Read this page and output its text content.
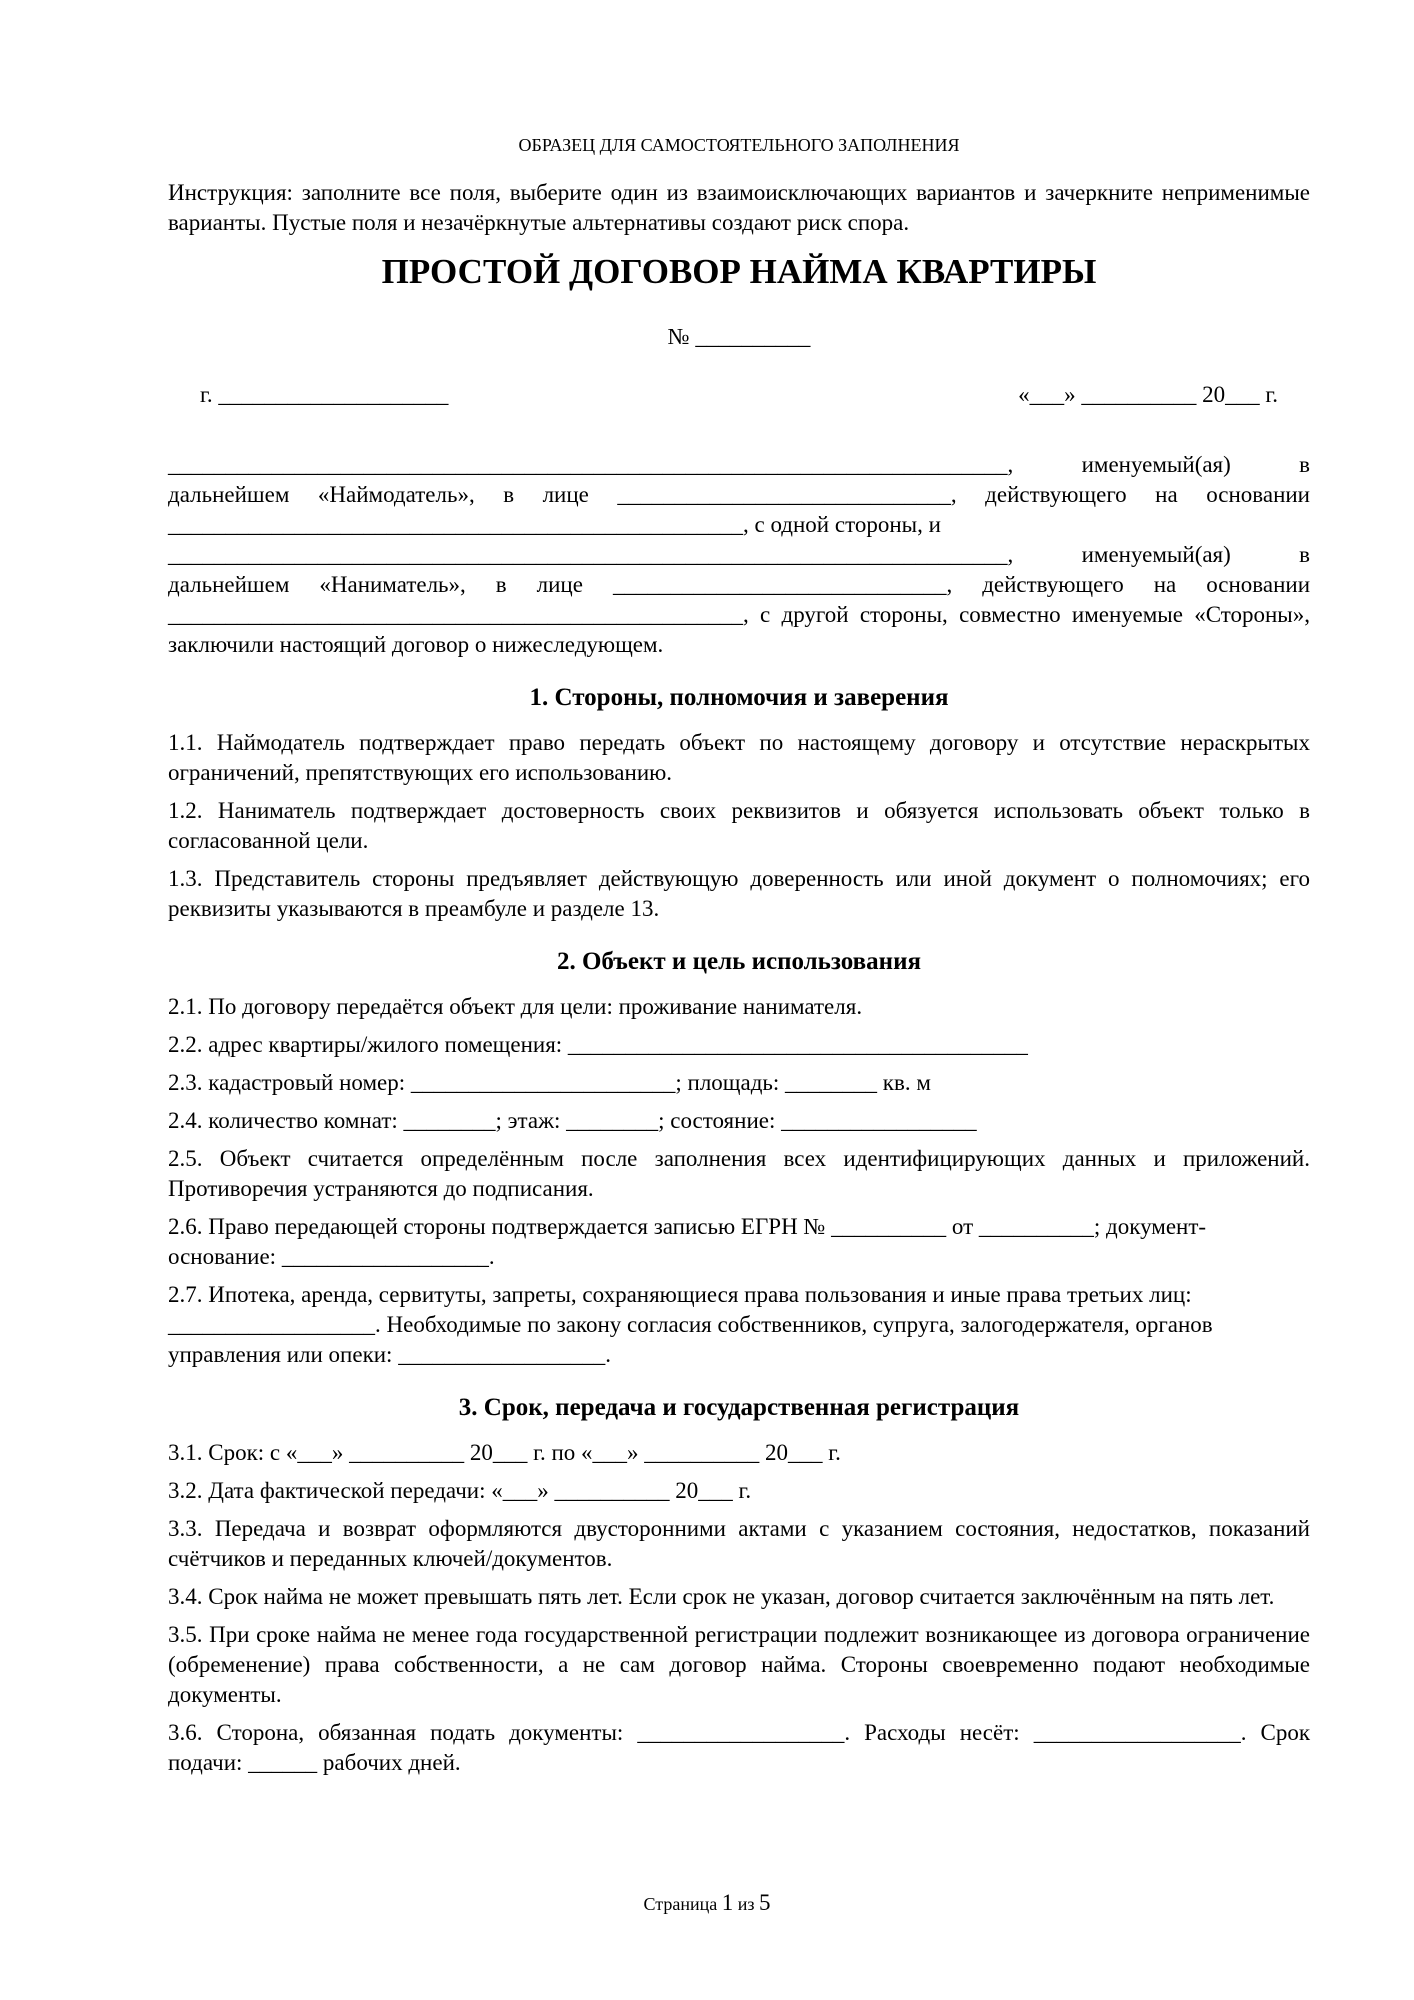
ОБРАЗЕЦ ДЛЯ САМОСТОЯТЕЛЬНОГО ЗАПОЛНЕНИЯ

Инструкция: заполните все поля, выберите один из взаимоисключающих вариантов и зачеркните неприменимые варианты. Пустые поля и незачёркнутые альтернативы создают риск спора.

ПРОСТОЙ ДОГОВОР НАЙМА КВАРТИРЫ
№ __________
г. ____________________	«___» __________ 20___ г.

_________________________________________________________________________, именуемый(ая) в дальнейшем «Наймодатель», в лице _____________________________, действующего на основании __________________________________________________, с одной стороны, и

_________________________________________________________________________, именуемый(ая) в дальнейшем «Наниматель», в лице _____________________________, действующего на основании __________________________________________________, с другой стороны, совместно именуемые «Стороны», заключили настоящий договор о нижеследующем.

1. Стороны, полномочия и заверения

1.1. Наймодатель подтверждает право передать объект по настоящему договору и отсутствие нераскрытых ограничений, препятствующих его использованию.

1.2. Наниматель подтверждает достоверность своих реквизитов и обязуется использовать объект только в согласованной цели.

1.3. Представитель стороны предъявляет действующую доверенность или иной документ о полномочиях; его реквизиты указываются в преамбуле и разделе 13.

2. Объект и цель использования

2.1. По договору передаётся объект для цели: проживание нанимателя.

2.2. адрес квартиры/жилого помещения: ________________________________________

2.3. кадастровый номер: _______________________; площадь: ________ кв. м

2.4. количество комнат: ________; этаж: ________; состояние: _________________

2.5. Объект считается определённым после заполнения всех идентифицирующих данных и приложений. Противоречия устраняются до подписания.

2.6. Право передающей стороны подтверждается записью ЕГРН № __________ от __________; документ-основание: __________________.

2.7. Ипотека, аренда, сервитуты, запреты, сохраняющиеся права пользования и иные права третьих лиц: __________________. Необходимые по закону согласия собственников, супруга, залогодержателя, органов управления или опеки: __________________.

3. Срок, передача и государственная регистрация

3.1. Срок: с «___» __________ 20___ г. по «___» __________ 20___ г.

3.2. Дата фактической передачи: «___» __________ 20___ г.

3.3. Передача и возврат оформляются двусторонними актами с указанием состояния, недостатков, показаний счётчиков и переданных ключей/документов.

3.4. Срок найма не может превышать пять лет. Если срок не указан, договор считается заключённым на пять лет.

3.5. При сроке найма не менее года государственной регистрации подлежит возникающее из договора ограничение (обременение) права собственности, а не сам договор найма. Стороны своевременно подают необходимые документы.

3.6. Сторона, обязанная подать документы: __________________. Расходы несёт: __________________. Срок подачи: ______ рабочих дней.

Страница 1 из 5
